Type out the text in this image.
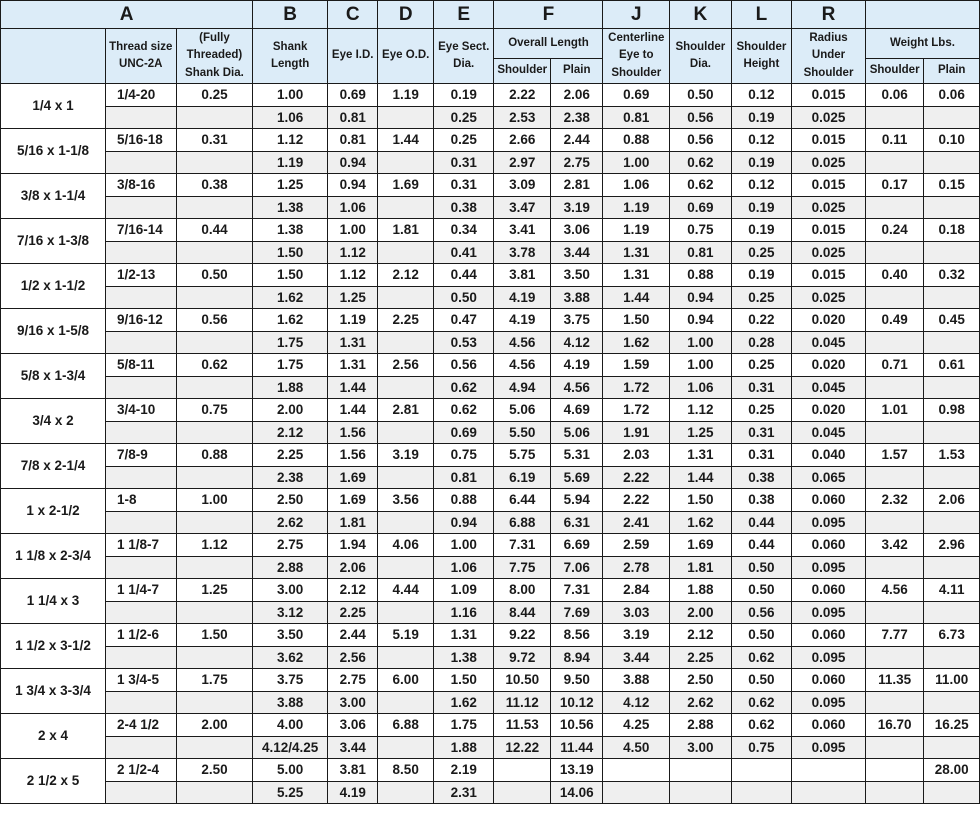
A			B	C	D	E	F		J	K	L	R		
	Thread size UNC-2A	(Fully Threaded) Shank Dia.	Shank Length	Eye I.D.	Eye O.D.	Eye Sect. Dia.	Overall Length		Centerline Eye to Shoulder	Shoulder Dia.	Shoulder Height	Radius Under Shoulder	Weight Lbs.	
							Shoulder	Plain					Shoulder	Plain
1/4 x 1	1/4-20	0.25	1.00	0.69	1.19	0.19	2.22	2.06	0.69	0.50	0.12	0.015	0.06	0.06
			1.06	0.81		0.25	2.53	2.38	0.81	0.56	0.19	0.025		
5/16 x 1-1/8	5/16-18	0.31	1.12	0.81	1.44	0.25	2.66	2.44	0.88	0.56	0.12	0.015	0.11	0.10
			1.19	0.94		0.31	2.97	2.75	1.00	0.62	0.19	0.025		
3/8 x 1-1/4	3/8-16	0.38	1.25	0.94	1.69	0.31	3.09	2.81	1.06	0.62	0.12	0.015	0.17	0.15
			1.38	1.06		0.38	3.47	3.19	1.19	0.69	0.19	0.025		
7/16 x 1-3/8	7/16-14	0.44	1.38	1.00	1.81	0.34	3.41	3.06	1.19	0.75	0.19	0.015	0.24	0.18
			1.50	1.12		0.41	3.78	3.44	1.31	0.81	0.25	0.025		
1/2 x 1-1/2	1/2-13	0.50	1.50	1.12	2.12	0.44	3.81	3.50	1.31	0.88	0.19	0.015	0.40	0.32
			1.62	1.25		0.50	4.19	3.88	1.44	0.94	0.25	0.025		
9/16 x 1-5/8	9/16-12	0.56	1.62	1.19	2.25	0.47	4.19	3.75	1.50	0.94	0.22	0.020	0.49	0.45
			1.75	1.31		0.53	4.56	4.12	1.62	1.00	0.28	0.045		
5/8 x 1-3/4	5/8-11	0.62	1.75	1.31	2.56	0.56	4.56	4.19	1.59	1.00	0.25	0.020	0.71	0.61
			1.88	1.44		0.62	4.94	4.56	1.72	1.06	0.31	0.045		
3/4 x 2	3/4-10	0.75	2.00	1.44	2.81	0.62	5.06	4.69	1.72	1.12	0.25	0.020	1.01	0.98
			2.12	1.56		0.69	5.50	5.06	1.91	1.25	0.31	0.045		
7/8 x 2-1/4	7/8-9	0.88	2.25	1.56	3.19	0.75	5.75	5.31	2.03	1.31	0.31	0.040	1.57	1.53
			2.38	1.69		0.81	6.19	5.69	2.22	1.44	0.38	0.065		
1 x 2-1/2	1-8	1.00	2.50	1.69	3.56	0.88	6.44	5.94	2.22	1.50	0.38	0.060	2.32	2.06
			2.62	1.81		0.94	6.88	6.31	2.41	1.62	0.44	0.095		
1 1/8 x 2-3/4	1 1/8-7	1.12	2.75	1.94	4.06	1.00	7.31	6.69	2.59	1.69	0.44	0.060	3.42	2.96
			2.88	2.06		1.06	7.75	7.06	2.78	1.81	0.50	0.095		
1 1/4 x 3	1 1/4-7	1.25	3.00	2.12	4.44	1.09	8.00	7.31	2.84	1.88	0.50	0.060	4.56	4.11
			3.12	2.25		1.16	8.44	7.69	3.03	2.00	0.56	0.095		
1 1/2 x 3-1/2	1 1/2-6	1.50	3.50	2.44	5.19	1.31	9.22	8.56	3.19	2.12	0.50	0.060	7.77	6.73
			3.62	2.56		1.38	9.72	8.94	3.44	2.25	0.62	0.095		
1 3/4 x 3-3/4	1 3/4-5	1.75	3.75	2.75	6.00	1.50	10.50	9.50	3.88	2.50	0.50	0.060	11.35	11.00
			3.88	3.00		1.62	11.12	10.12	4.12	2.62	0.62	0.095		
2 x 4	2-4 1/2	2.00	4.00	3.06	6.88	1.75	11.53	10.56	4.25	2.88	0.62	0.060	16.70	16.25
			4.12/4.25	3.44		1.88	12.22	11.44	4.50	3.00	0.75	0.095		
2 1/2 x 5	2 1/2-4	2.50	5.00	3.81	8.50	2.19		13.19						28.00
			5.25	4.19		2.31		14.06						
